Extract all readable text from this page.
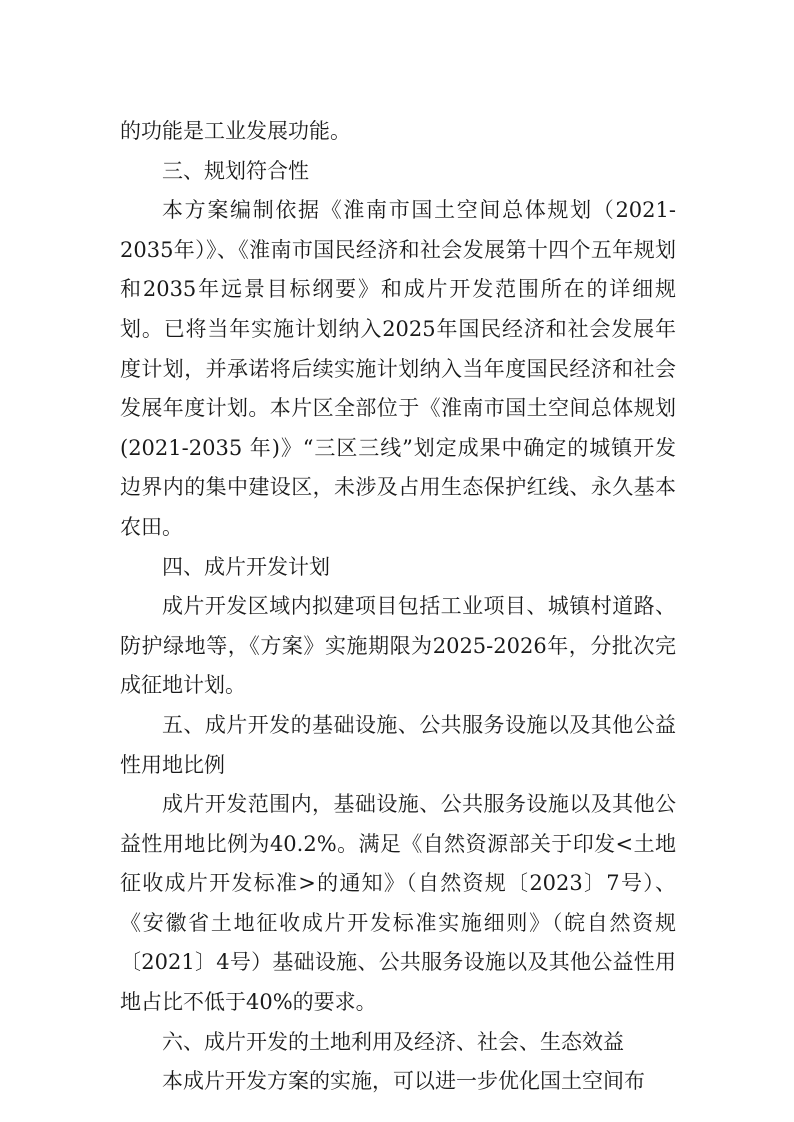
的功能是工业发展功能。

三、规划符合性

本方案编制依据《淮南市国土空间总体规划（2021-2035年）》、《淮南市国民经济和社会发展第十四个五年规划和2035年远景目标纲要》和成片开发范围所在的详细规划。已将当年实施计划纳入2025年国民经济和社会发展年度计划，并承诺将后续实施计划纳入当年度国民经济和社会发展年度计划。本片区全部位于《淮南市国土空间总体规划(2021-2035 年)》“三区三线”划定成果中确定的城镇开发边界内的集中建设区，未涉及占用生态保护红线、永久基本农田。

四、成片开发计划

成片开发区域内拟建项目包括工业项目、城镇村道路、防护绿地等，《方案》实施期限为2025-2026年，分批次完成征地计划。

五、成片开发的基础设施、公共服务设施以及其他公益性用地比例

成片开发范围内，基础设施、公共服务设施以及其他公益性用地比例为40.2%。满足《自然资源部关于印发<土地征收成片开发标准>的通知》（自然资规〔2023〕7号）、《安徽省土地征收成片开发标准实施细则》（皖自然资规〔2021〕4号）基础设施、公共服务设施以及其他公益性用地占比不低于40%的要求。

六、成片开发的土地利用及经济、社会、生态效益

本成片开发方案的实施，可以进一步优化国土空间布
